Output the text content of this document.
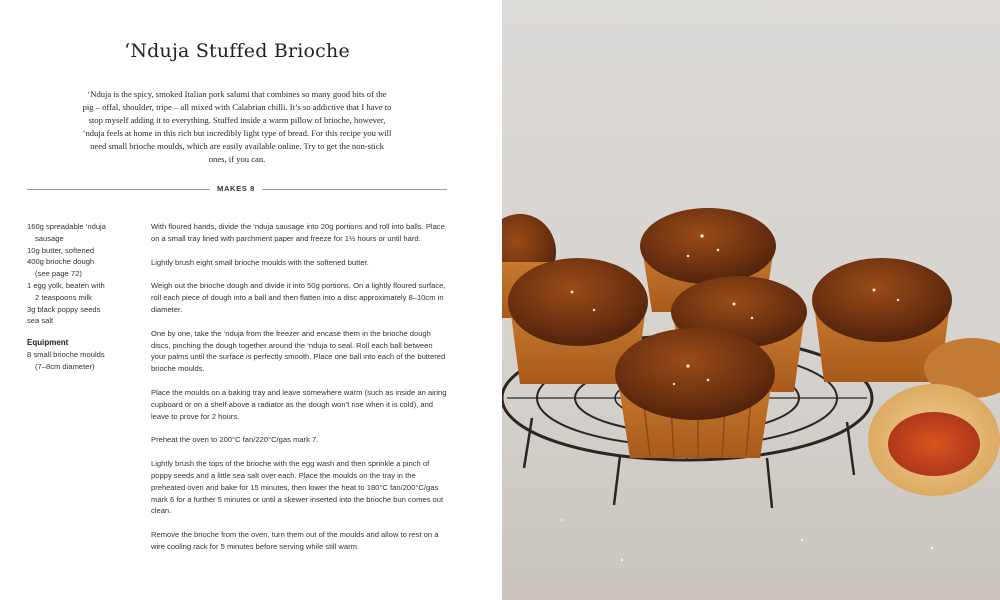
‘Nduja Stuffed Brioche
‘Nduja is the spicy, smoked Italian pork salumi that combines so many good bits of the pig – offal, shoulder, tripe – all mixed with Calabrian chilli. It’s so addictive that I have to stop myself adding it to everything. Stuffed inside a warm pillow of brioche, however, ‘nduja feels at home in this rich but incredibly light type of bread. For this recipe you will need small brioche moulds, which are easily available online. Try to get the non-stick ones, if you can.
MAKES 8
160g spreadable ‘nduja
sausage
10g butter, softened
400g brioche dough
(see page 72)
1 egg yolk, beaten with
2 teaspoons milk
3g black poppy seeds
sea salt
Equipment
8 small brioche moulds
(7–8cm diameter)

With floured hands, divide the ‘nduja sausage into 20g portions and roll into balls. Place on a small tray lined with parchment paper and freeze for 1½ hours or until hard.

Lightly brush eight small brioche moulds with the softened butter.

Weigh out the brioche dough and divide it into 50g portions. On a lightly floured surface, roll each piece of dough into a ball and then flatten into a disc approximately 8–10cm in diameter.

One by one, take the ‘nduja from the freezer and encase them in the brioche dough discs, pinching the dough together around the ‘nduja to seal. Roll each ball between your palms until the surface is perfectly smooth. Place one ball into each of the buttered brioche moulds.

Place the moulds on a baking tray and leave somewhere warm (such as inside an airing cupboard or on a shelf above a radiator as the dough won’t rise when it is cold), and leave to prove for 2 hours.

Preheat the oven to 200°C fan/220°C/gas mark 7.

Lightly brush the tops of the brioche with the egg wash and then sprinkle a pinch of poppy seeds and a little sea salt over each. Place the moulds on the tray in the preheated oven and bake for 15 minutes, then lower the heat to 180°C fan/200°C/gas mark 6 for a further 5 minutes or until a skewer inserted into the brioche bun comes out clean.

Remove the brioche from the oven, turn them out of the moulds and allow to rest on a wire cooling rack for 5 minutes before serving while still warm.
